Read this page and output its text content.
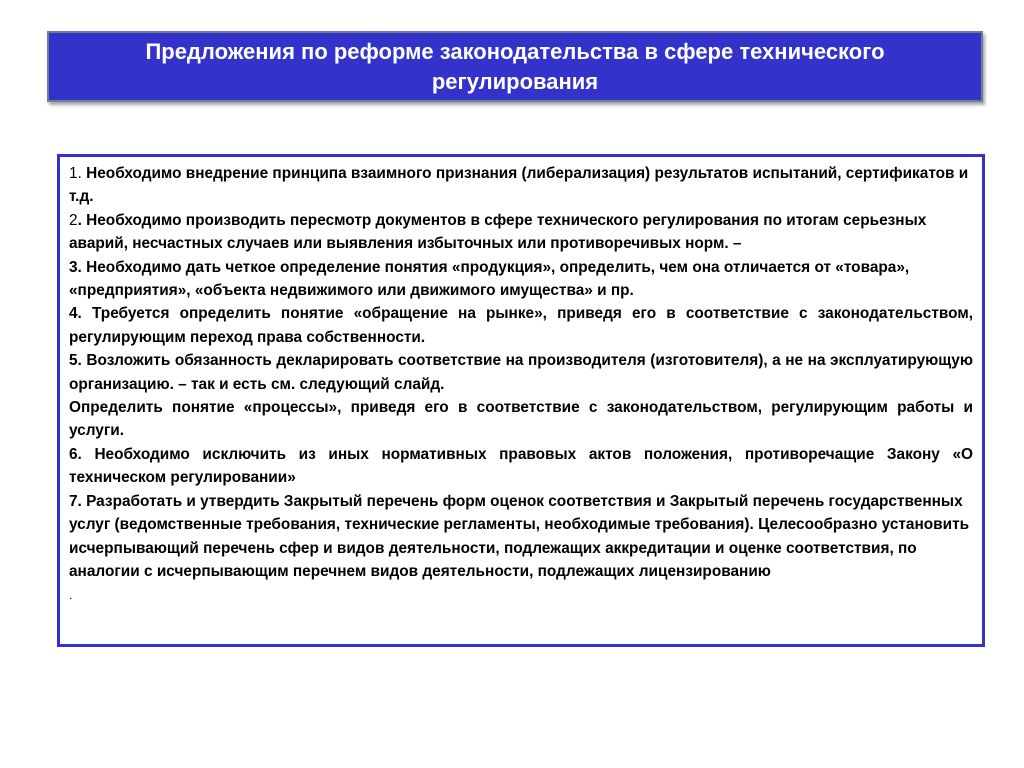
Предложения по реформе законодательства в сфере технического регулирования

1. Необходимо внедрение принципа взаимного признания (либерализация) результатов испытаний, сертификатов и т.д.

2. Необходимо производить пересмотр документов в сфере технического регулирования по итогам серьезных аварий, несчастных случаев или выявления избыточных или противоречивых норм. –

3. Необходимо дать четкое определение понятия «продукция», определить, чем она отличается от «товара», «предприятия», «объекта недвижимого или движимого имущества» и пр.

4. Требуется определить понятие «обращение на рынке», приведя его в соответствие с законодательством, регулирующим переход права собственности.

5. Возложить обязанность декларировать соответствие на производителя (изготовителя), а не на эксплуатирующую организацию. – так и есть см. следующий слайд.

Определить понятие «процессы», приведя его в соответствие с законодательством, регулирующим работы и услуги.

6. Необходимо исключить из иных нормативных правовых актов положения, противоречащие Закону «О техническом регулировании»

7. Разработать и утвердить Закрытый перечень форм оценок соответствия и Закрытый перечень государственных услуг (ведомственные требования, технические регламенты, необходимые требования). Целесообразно установить исчерпывающий перечень сфер и видов деятельности, подлежащих аккредитации и оценке соответствия, по аналогии с исчерпывающим перечнем видов деятельности, подлежащих лицензированию

.
